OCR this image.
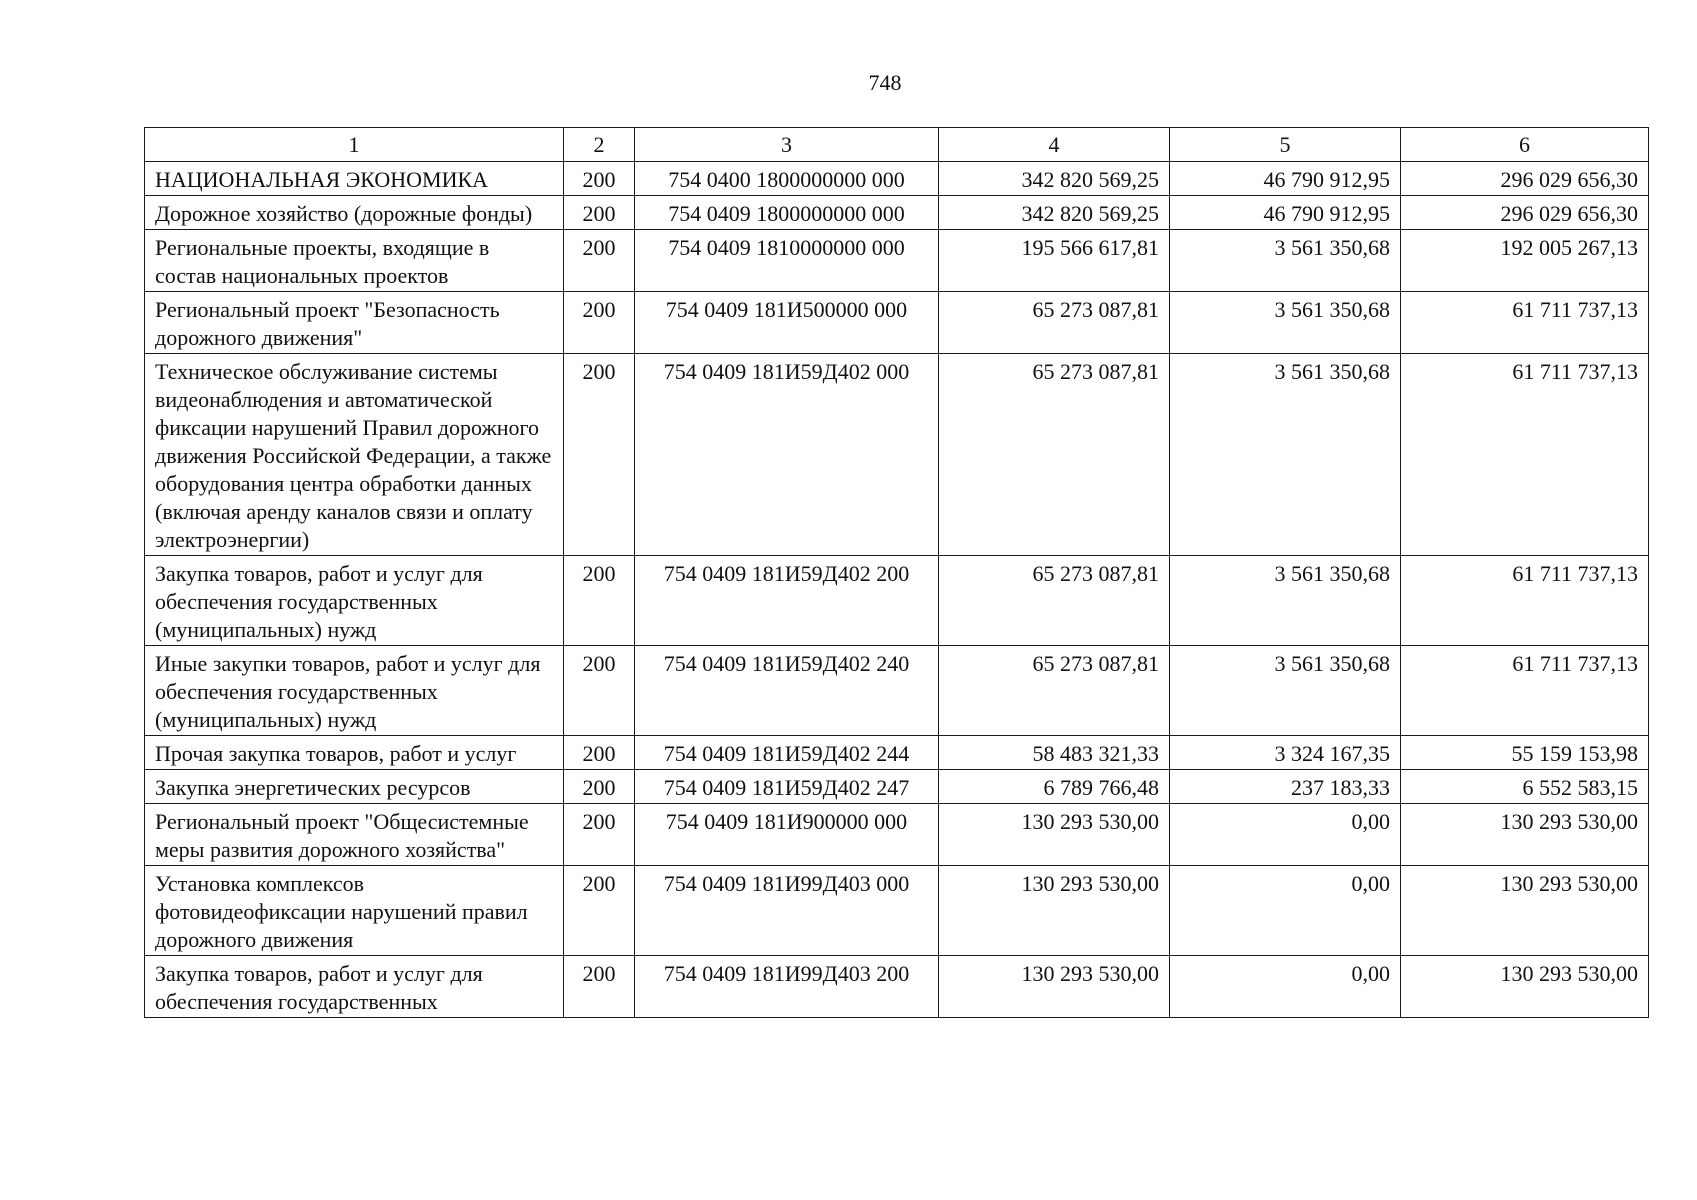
748
1	2	3	4	5	6
НАЦИОНАЛЬНАЯ ЭКОНОМИКА	200	754 0400 1800000000 000	342 820 569,25	46 790 912,95	296 029 656,30
Дорожное хозяйство (дорожные фонды)	200	754 0409 1800000000 000	342 820 569,25	46 790 912,95	296 029 656,30
Региональные проекты, входящие в состав национальных проектов	200	754 0409 1810000000 000	195 566 617,81	3 561 350,68	192 005 267,13
Региональный проект "Безопасность дорожного движения"	200	754 0409 181И500000 000	65 273 087,81	3 561 350,68	61 711 737,13
Техническое обслуживание системы видеонаблюдения и автоматической фиксации нарушений Правил дорожного движения Российской Федерации, а также оборудования центра обработки данных (включая аренду каналов связи и оплату электроэнергии)	200	754 0409 181И59Д402 000	65 273 087,81	3 561 350,68	61 711 737,13
Закупка товаров, работ и услуг для обеспечения государственных (муниципальных) нужд	200	754 0409 181И59Д402 200	65 273 087,81	3 561 350,68	61 711 737,13
Иные закупки товаров, работ и услуг для обеспечения государственных (муниципальных) нужд	200	754 0409 181И59Д402 240	65 273 087,81	3 561 350,68	61 711 737,13
Прочая закупка товаров, работ и услуг	200	754 0409 181И59Д402 244	58 483 321,33	3 324 167,35	55 159 153,98
Закупка энергетических ресурсов	200	754 0409 181И59Д402 247	6 789 766,48	237 183,33	6 552 583,15
Региональный проект "Общесистемные меры развития дорожного хозяйства"	200	754 0409 181И900000 000	130 293 530,00	0,00	130 293 530,00
Установка комплексов фотовидеофиксации нарушений правил дорожного движения	200	754 0409 181И99Д403 000	130 293 530,00	0,00	130 293 530,00
Закупка товаров, работ и услуг для обеспечения государственных	200	754 0409 181И99Д403 200	130 293 530,00	0,00	130 293 530,00
